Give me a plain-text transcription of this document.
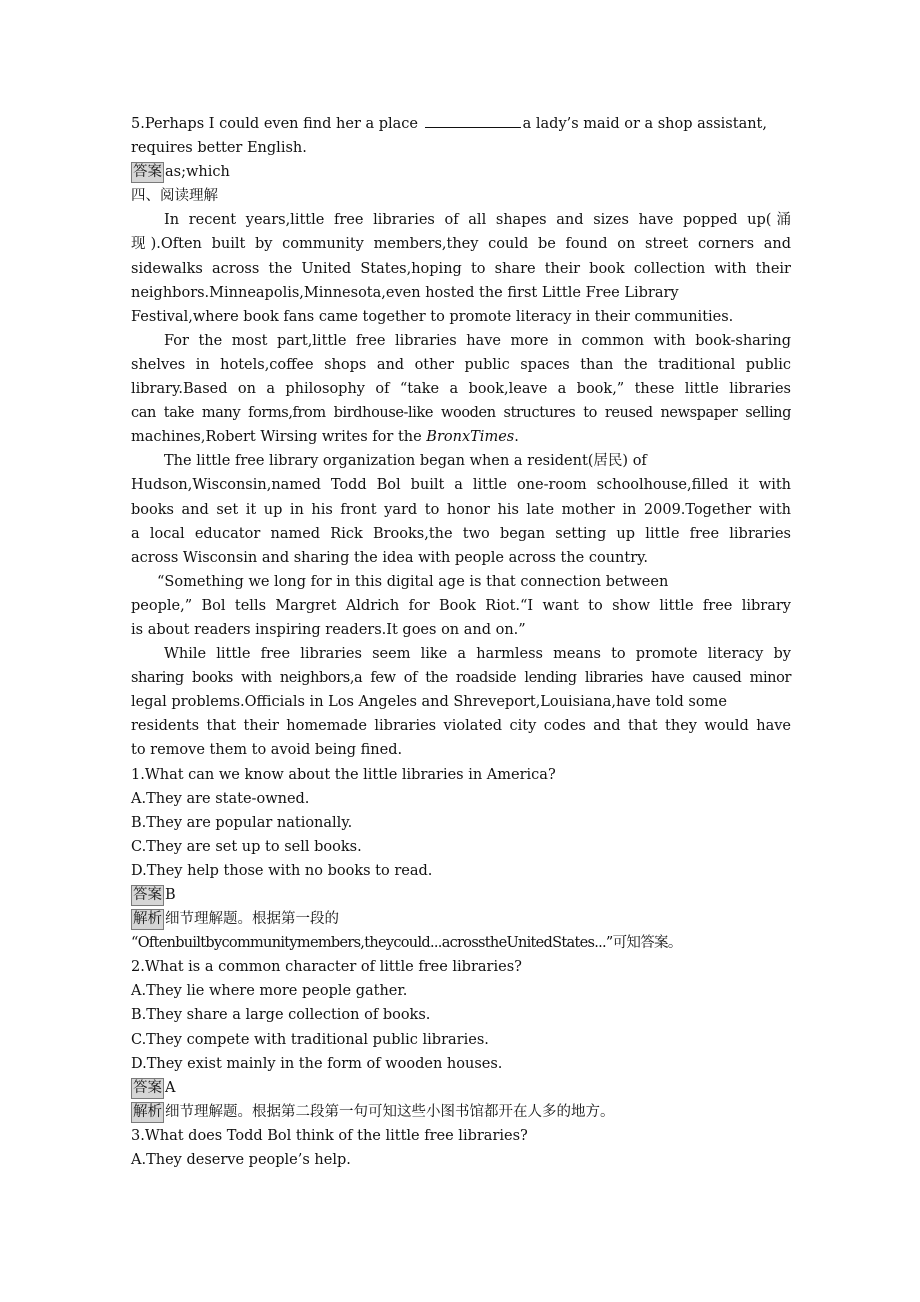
5.Perhaps I could even find her a place	a lady’s maid or a shop assistant,
requires better English.
答案 as;which
四、阅读理解
In recent years,little free libraries of all shapes and sizes have popped up(涌
现).Often built by community members,they could be found on street corners and
sidewalks across the United States,hoping to share their book collection with their
neighbors.Minneapolis,Minnesota,even hosted the first Little Free Library
Festival,where book fans came together to promote literacy in their communities.
For the most part,little free libraries have more in common with book-sharing
shelves in hotels,coffee shops and other public spaces than the traditional public
library.Based on a philosophy of “take a book,leave a book,” these little libraries
can take many forms,from birdhouse-like wooden structures to reused newspaper selling
machines,Robert Wirsing writes for the BronxTimes.
The little free library organization began when a resident(居民) of
Hudson,Wisconsin,named Todd Bol built a little one-room schoolhouse,filled it with
books and set it up in his front yard to honor his late mother in 2009.Together with
a local educator named Rick Brooks,the two began setting up little free libraries
across Wisconsin and sharing the idea with people across the country.
“Something we long for in this digital age is that connection between
people,” Bol tells Margret Aldrich for Book Riot.“I want to show little free library
is about readers inspiring readers.It goes on and on.”
While little free libraries seem like a harmless means to promote literacy by
sharing books with neighbors,a few of the roadside lending libraries have caused minor
legal problems.Officials in Los Angeles and Shreveport,Louisiana,have told some
residents that their homemade libraries violated city codes and that they would have
to remove them to avoid being fined.
1.What can we know about the little libraries in America?
A.They are state-owned.
B.They are popular nationally.
C.They are set up to sell books.
D.They help those with no books to read.
答案 B
解析 细节理解题。根据第一段的
“Oftenbuiltbycommunitymembers,theycould...acrosstheUnitedStates...”可知答案。
2.What is a common character of little free libraries?
A.They lie where more people gather.
B.They share a large collection of books.
C.They compete with traditional public libraries.
D.They exist mainly in the form of wooden houses.
答案 A
解析 细节理解题。根据第二段第一句可知这些小图书馆都开在人多的地方。
3.What does Todd Bol think of the little free libraries?
A.They deserve people’s help.
